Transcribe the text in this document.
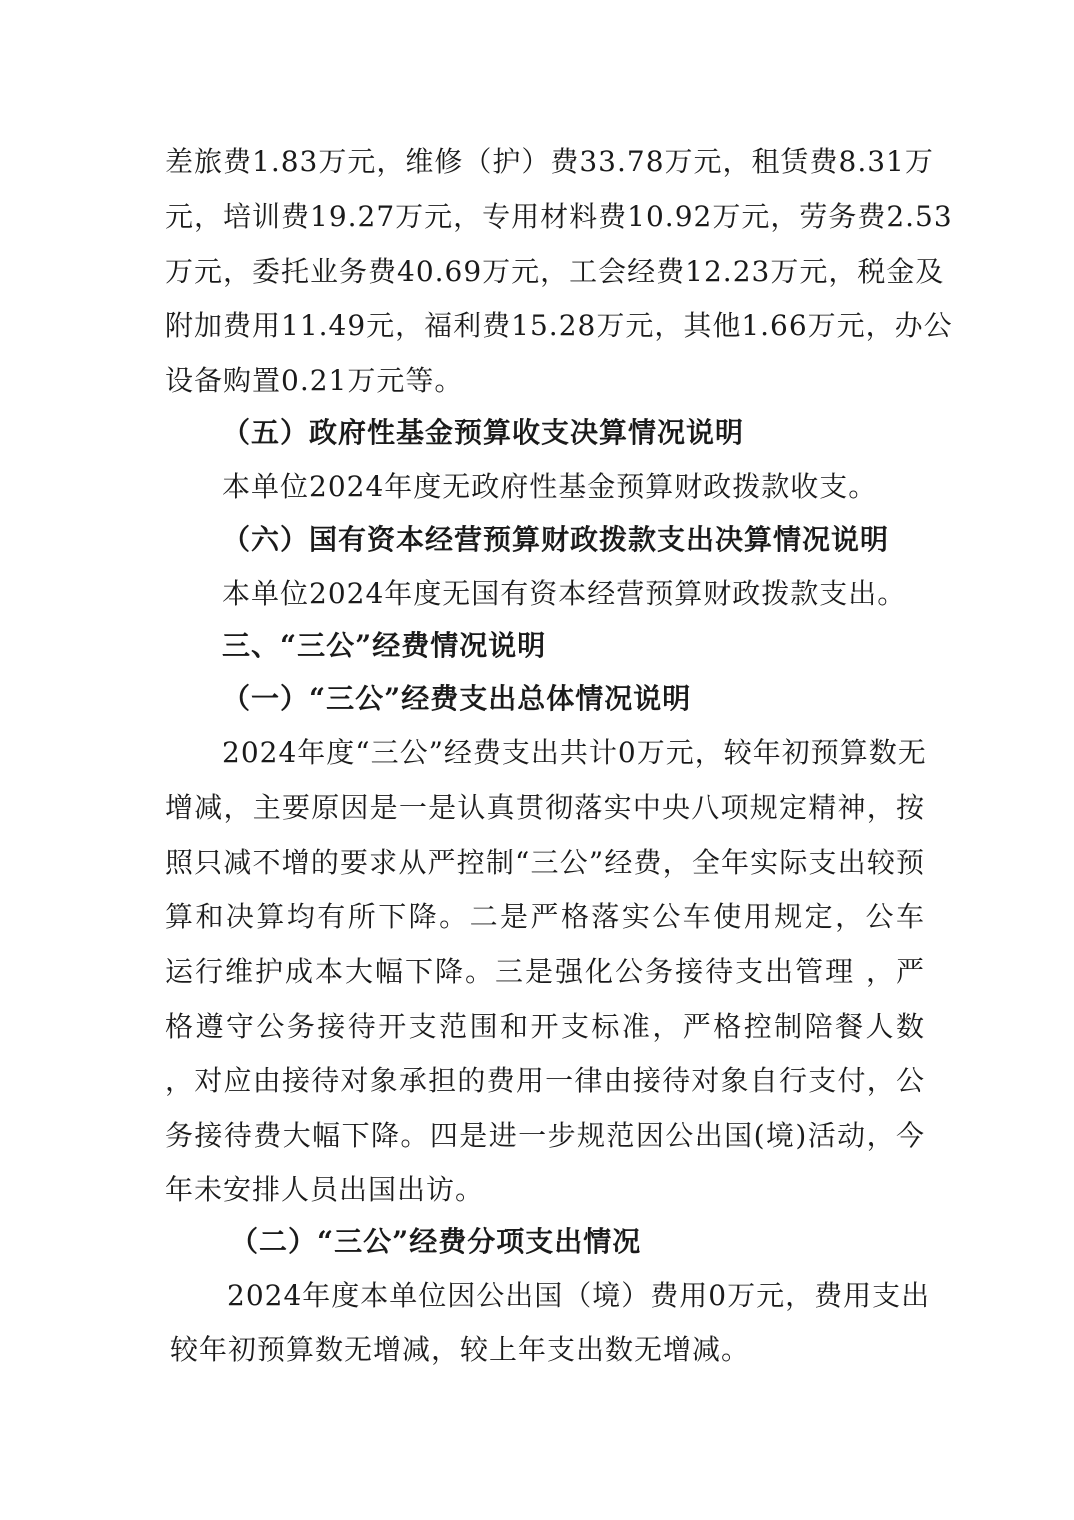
差旅费1.83万元，维修（护）费33.78万元，租赁费8.31万
元，培训费19.27万元，专用材料费10.92万元，劳务费2.53
万元，委托业务费40.69万元，工会经费12.23万元，税金及
附加费用11.49元，福利费15.28万元，其他1.66万元，办公
设备购置0.21万元等。
（五）政府性基金预算收支决算情况说明
本单位2024年度无政府性基金预算财政拨款收支。
（六）国有资本经营预算财政拨款支出决算情况说明
本单位2024年度无国有资本经营预算财政拨款支出。
三、“三公”经费情况说明
（一）“三公”经费支出总体情况说明
2024年度“三公”经费支出共计0万元，较年初预算数无
增减，主要原因是一是认真贯彻落实中央八项规定精神，按
照只减不增的要求从严控制“三公”经费，全年实际支出较预
算和决算均有所下降。二是严格落实公车使用规定，公车
运行维护成本大幅下降。三是强化公务接待支出管理 ，严
格遵守公务接待开支范围和开支标准，严格控制陪餐人数
，对应由接待对象承担的费用一律由接待对象自行支付，公
务接待费大幅下降。四是进一步规范因公出国(境)活动，今
年未安排人员出国出访。
（二）“三公”经费分项支出情况
2024年度本单位因公出国（境）费用0万元，费用支出
较年初预算数无增减，较上年支出数无增减。
